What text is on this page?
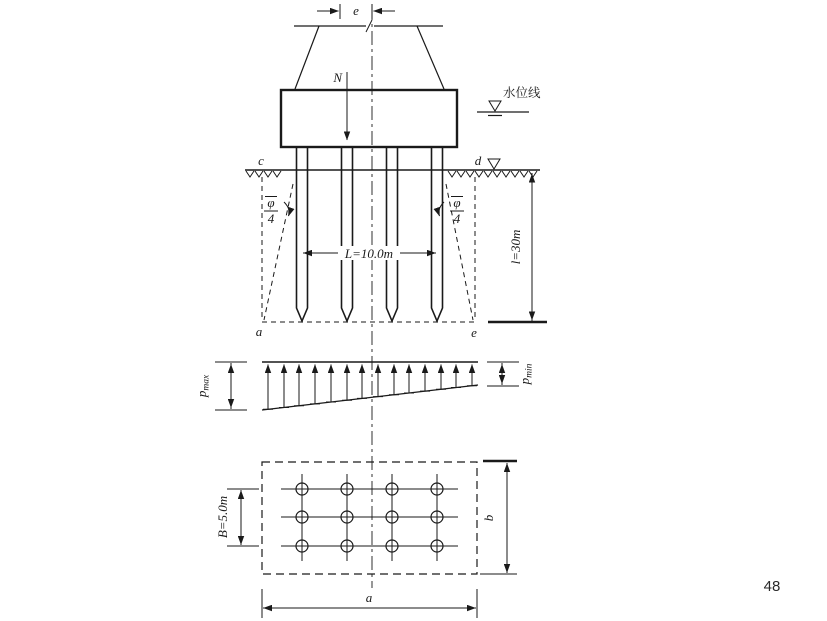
e
N
水位线
c	d
L=10.0m
φ
4
φ
4
a	e
l=30m
pmax	pmin
B=5.0m	b
a
48
